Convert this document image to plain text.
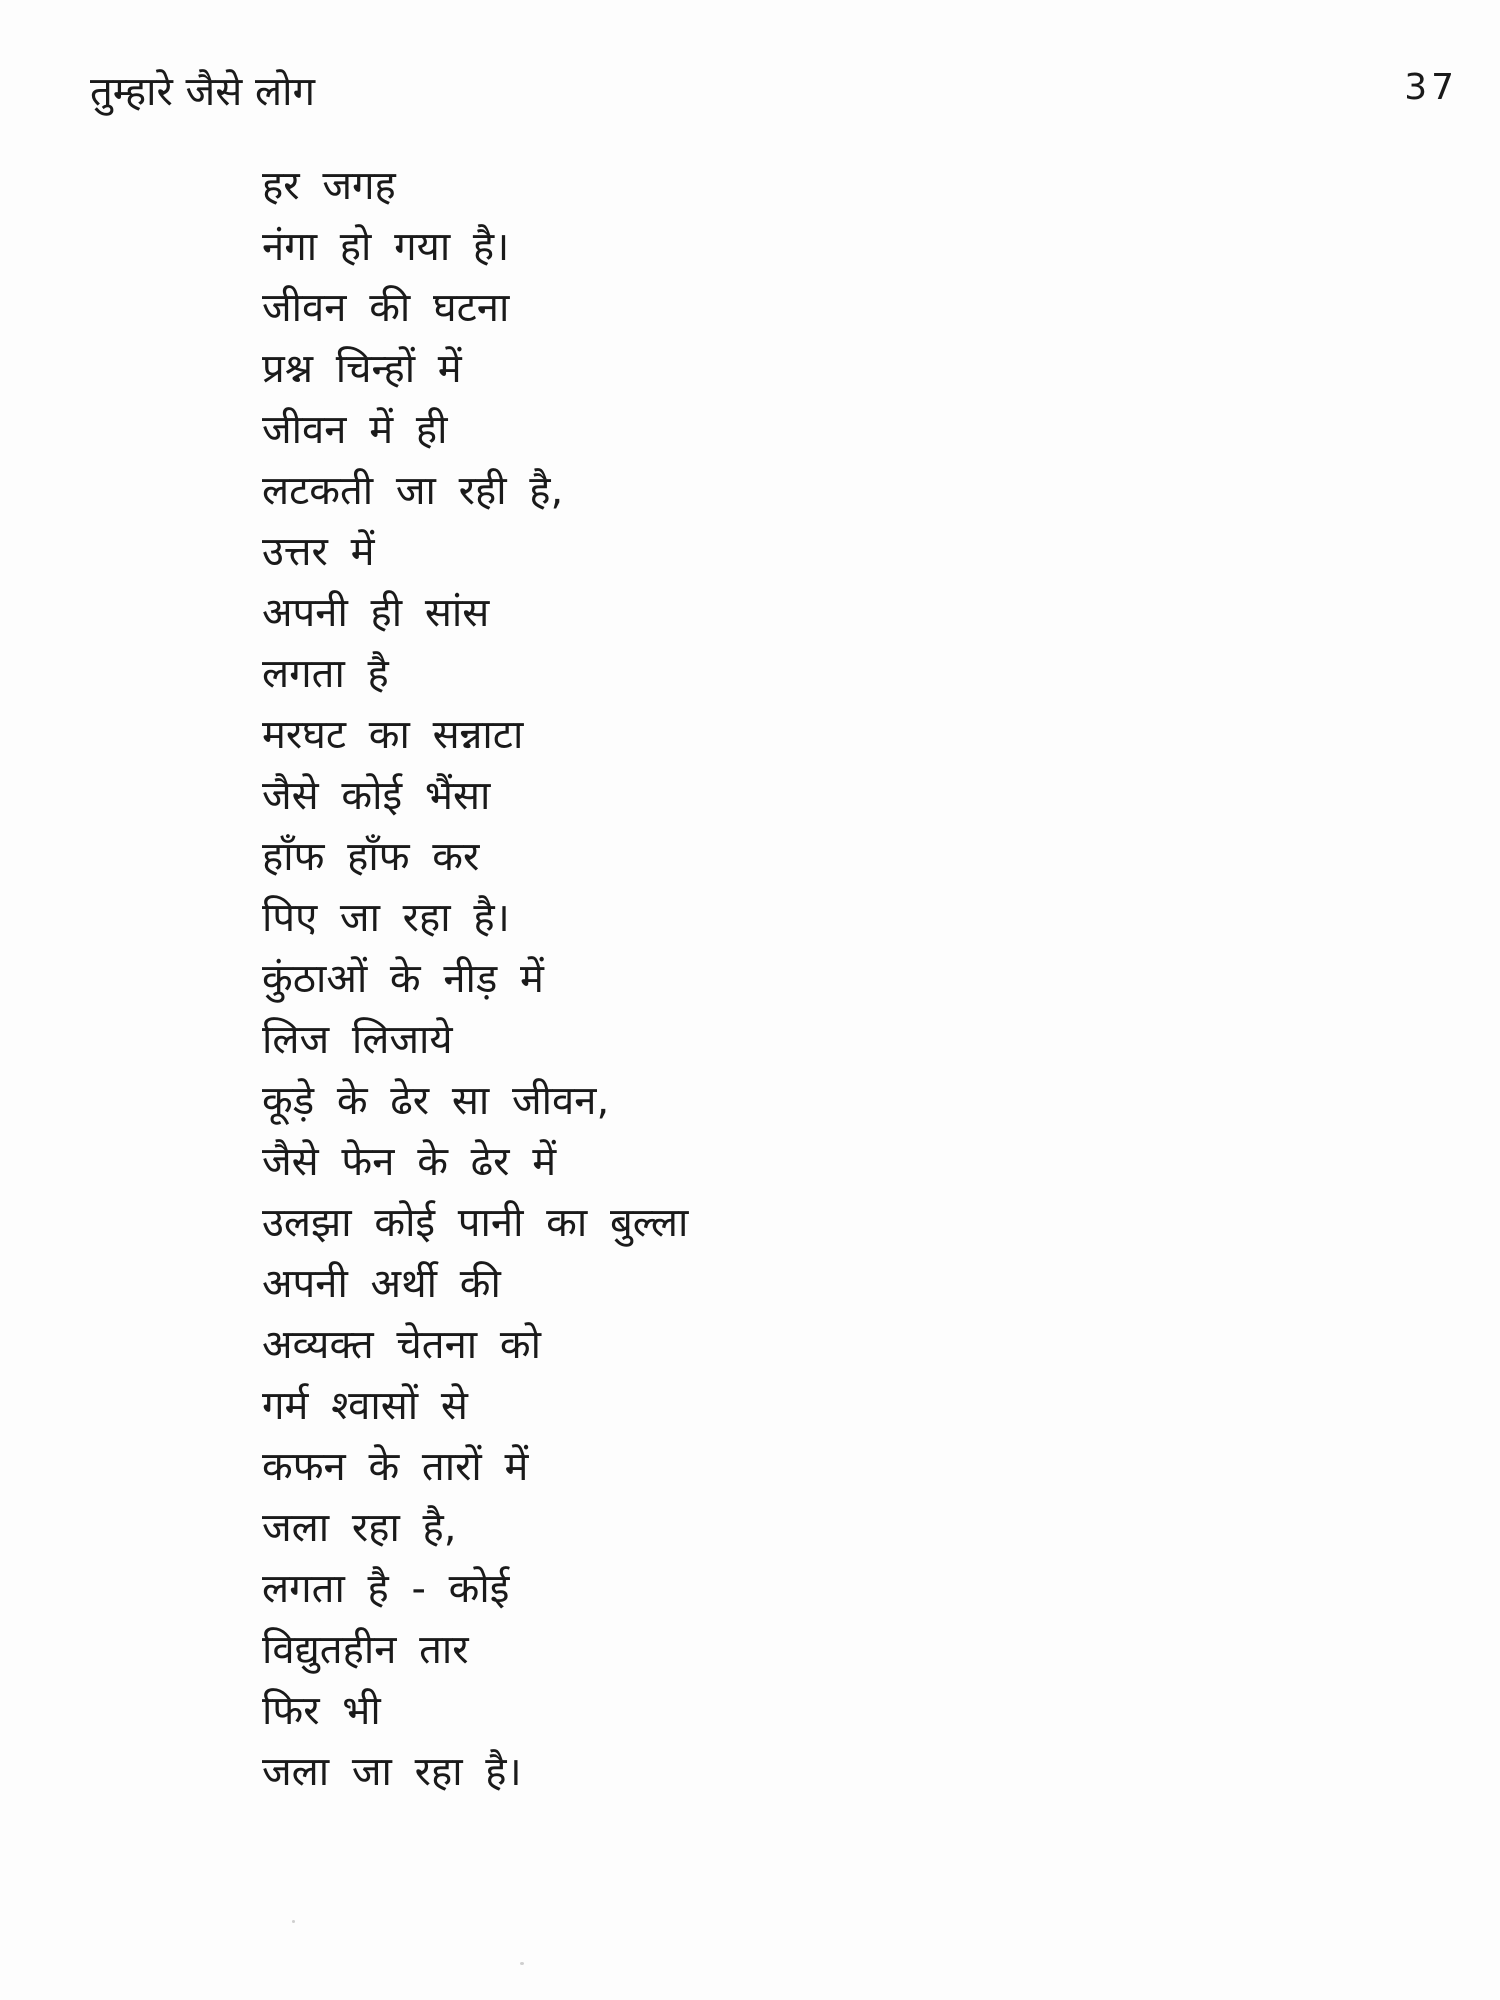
तुम्हारे जैसे लोग	37
हर जगह
नंगा हो गया है।
जीवन की घटना
प्रश्न चिन्हों में
जीवन में ही
लटकती जा रही है,
उत्तर में
अपनी ही सांस
लगता है
मरघट का सन्नाटा
जैसे कोई भैंसा
हाँफ हाँफ कर
पिए जा रहा है।
कुंठाओं के नीड़ में
लिज लिजाये
कूड़े के ढेर सा जीवन,
जैसे फेन के ढेर में
उलझा कोई पानी का बुल्ला
अपनी अर्थी की
अव्यक्त चेतना को
गर्म श्वासों से
कफन के तारों में
जला रहा है,
लगता है - कोई
विद्युतहीन तार
फिर भी
जला जा रहा है।
